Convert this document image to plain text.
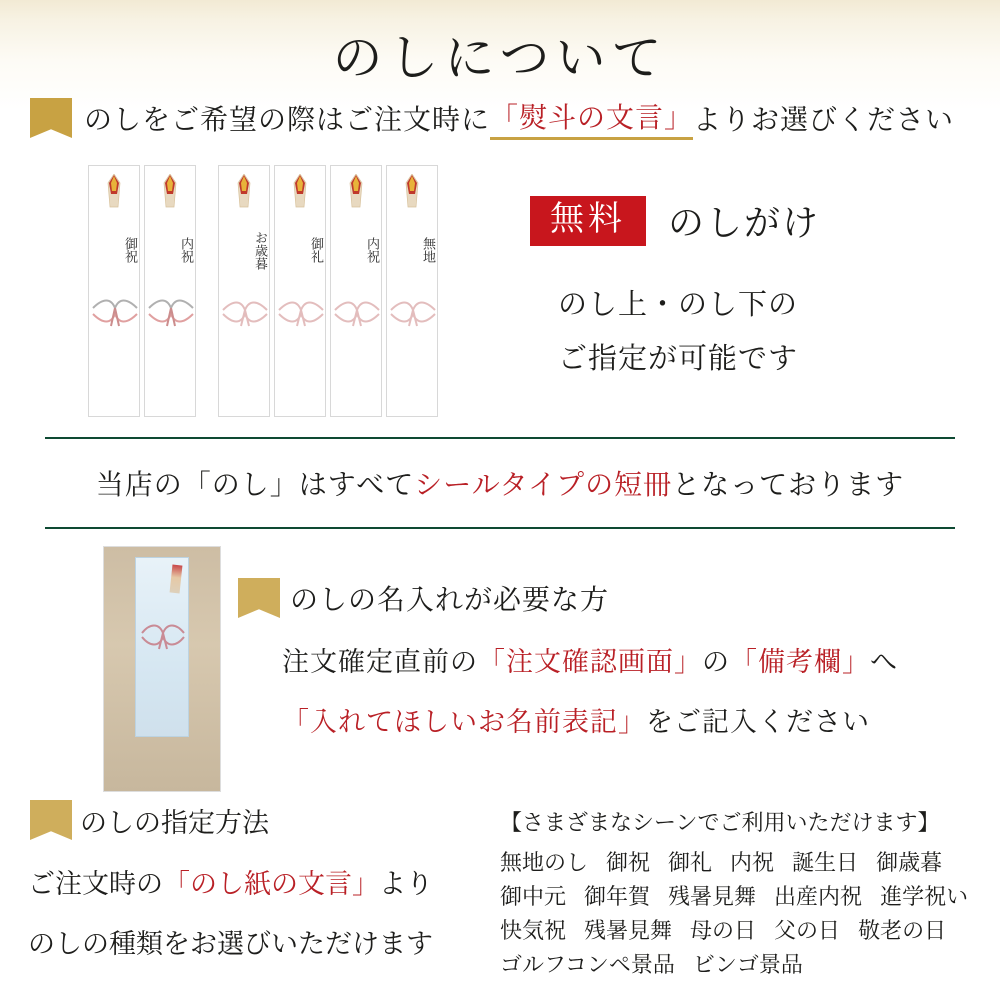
のしについて
のしをご希望の際はご注文時に 「熨斗の文言」 よりお選びください
御祝	内祝	お歳暮	御礼	内祝	無地
無料	のしがけ
のし上・のし下の
ご指定が可能です
当店の「のし」はすべてシールタイプの短冊となっております
のしの名入れが必要な方
注文確定直前の「注文確認画面」の「備考欄」へ
「入れてほしいお名前表記」をご記入ください
のしの指定方法
ご注文時の「のし紙の文言」より
のしの種類をお選びいただけます
【さまざまなシーンでご利用いただけます】
無地のし 御祝 御礼 内祝 誕生日 御歳暮
御中元 御年賀 残暑見舞 出産内祝 進学祝い
快気祝 残暑見舞 母の日 父の日 敬老の日
ゴルフコンペ景品 ビンゴ景品
